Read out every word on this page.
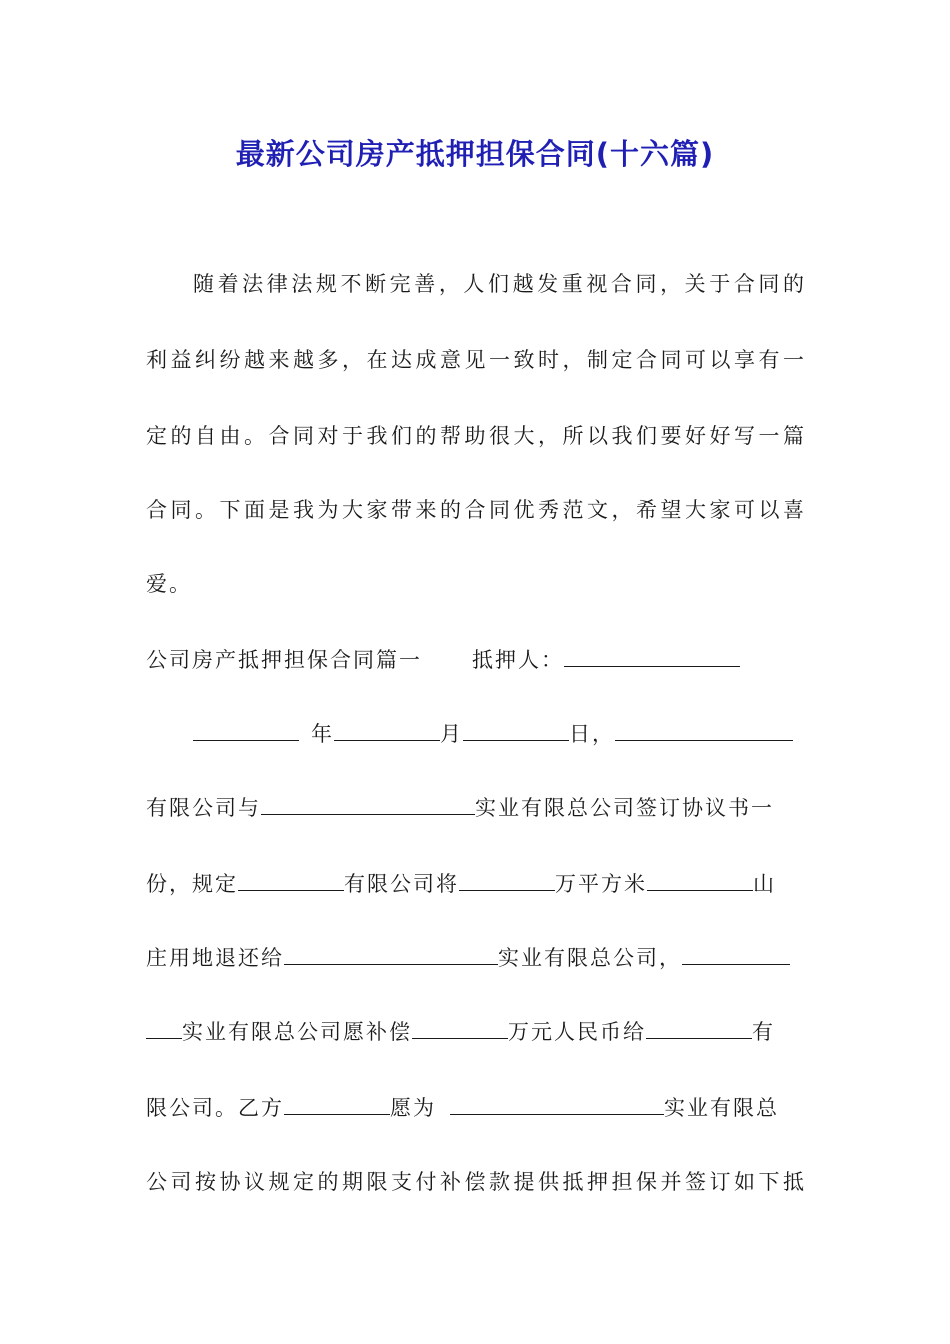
最新公司房产抵押担保合同(十六篇)
随着法律法规不断完善，人们越发重视合同，关于合同的
利益纠纷越来越多，在达成意见一致时，制定合同可以享有一
定的自由。合同对于我们的帮助很大，所以我们要好好写一篇
合同。下面是我为大家带来的合同优秀范文，希望大家可以喜
爱。
公司房产抵押担保合同篇一 抵押人：
年	月	日，
有限公司与	实业有限总公司签订协议书一
份，规定	有限公司将	万平方米	山
庄用地退还给	实业有限总公司，
实业有限总公司愿补偿	万元人民币给	有
限公司。乙方	愿为	实业有限总
公司按协议规定的期限支付补偿款提供抵押担保并签订如下抵
